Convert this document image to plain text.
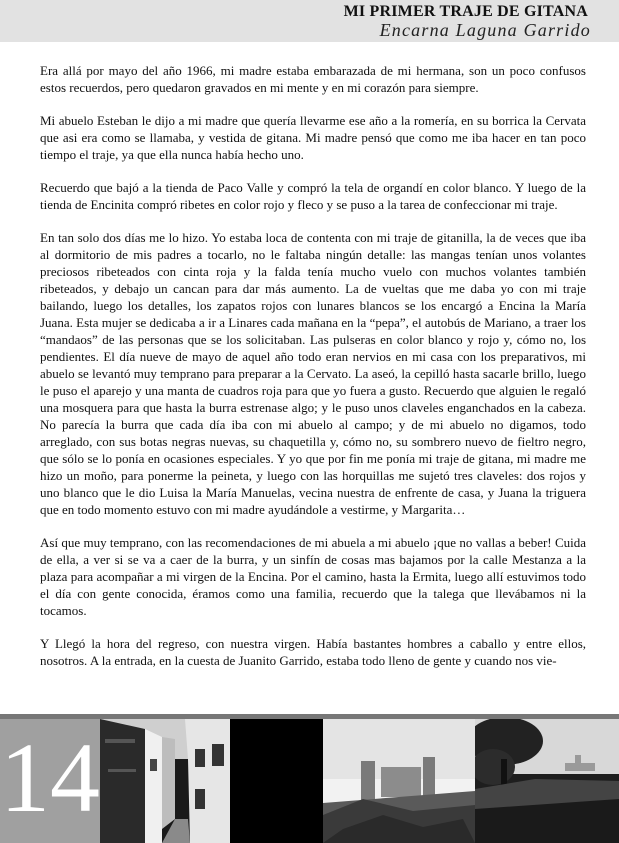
MI PRIMER TRAJE DE GITANA
Encarna Laguna Garrido

Era allá por mayo del año 1966, mi madre estaba embarazada de mi hermana, son un poco confusos estos recuerdos, pero quedaron gravados en mi mente y en mi corazón para siempre.

Mi abuelo Esteban le dijo a mi madre que quería llevarme ese año a la romería, en su borrica la Cervata que asi era como se llamaba, y vestida de gitana. Mi madre pensó que como me iba hacer en tan poco tiempo el traje, ya que ella nunca había hecho uno.

Recuerdo que bajó a la tienda de Paco Valle y compró la tela de organdí en color blanco. Y luego de la tienda de Encinita compró ribetes en color rojo y fleco y se puso a la tarea de confeccionar mi traje.

En tan solo dos días me lo hizo. Yo estaba loca de contenta con mi traje de gitanilla, la de veces que iba al dormitorio de mis padres a tocarlo, no le faltaba ningún detalle: las mangas tenían unos volantes preciosos ribeteados con cinta roja y la falda tenía mucho vuelo con muchos volantes también ribeteados, y debajo un cancan para dar más aumento. La de vueltas que me daba yo con mi traje bailando, luego los detalles, los zapatos rojos con lunares blancos se los encargó a Encina la María Juana. Esta mujer se dedicaba a ir a Linares cada mañana en la “pepa”, el autobús de Mariano, a traer los “mandaos” de las personas que se los solicitaban. Las pulseras en color blanco y rojo y, cómo no, los pendientes. El día nueve de mayo de aquel año todo eran nervios en mi casa con los preparativos, mi abuelo se levantó muy temprano para preparar a la Cervato. La aseó, la cepilló hasta sacarle brillo, luego le puso el aparejo y una manta de cuadros roja para que yo fuera a gusto. Recuerdo que alguien le regaló una mosquera para que hasta la burra estrenase algo; y le puso unos claveles enganchados en la cabeza. No parecía la burra que cada día iba con mi abuelo al campo; y de mi abuelo no digamos, todo arreglado, con sus botas negras nuevas, su chaquetilla y, cómo no, su sombrero nuevo de fieltro negro, que sólo se lo ponía en ocasiones especiales. Y yo que por fin me ponía mi traje de gitana, mi madre me hizo un moño, para ponerme la peineta, y luego con las horquillas me sujetó tres claveles: dos rojos y uno blanco que le dio Luisa la María Manuelas, vecina nuestra de enfrente de casa, y Juana la triguera que en todo momento estuvo con mi madre ayudándole a vestirme, y Margarita…

Así que muy temprano, con las recomendaciones de mi abuela a mi abuelo ¡que no vallas a beber! Cuida de ella, a ver si se va a caer de la burra, y un sinfín de cosas mas bajamos por la calle Mestanza a la plaza para acompañar a mi virgen de la Encina. Por el camino, hasta la Ermita, luego allí estuvimos todo el día con gente conocida, éramos como una familia, recuerdo que la talega que llevábamos ni la tocamos.

Y Llegó la hora del regreso, con nuestra virgen. Había bastantes hombres a caballo y entre ellos, nosotros. A la entrada, en la cuesta de Juanito Garrido, estaba todo lleno de gente y cuando nos vie-

14
